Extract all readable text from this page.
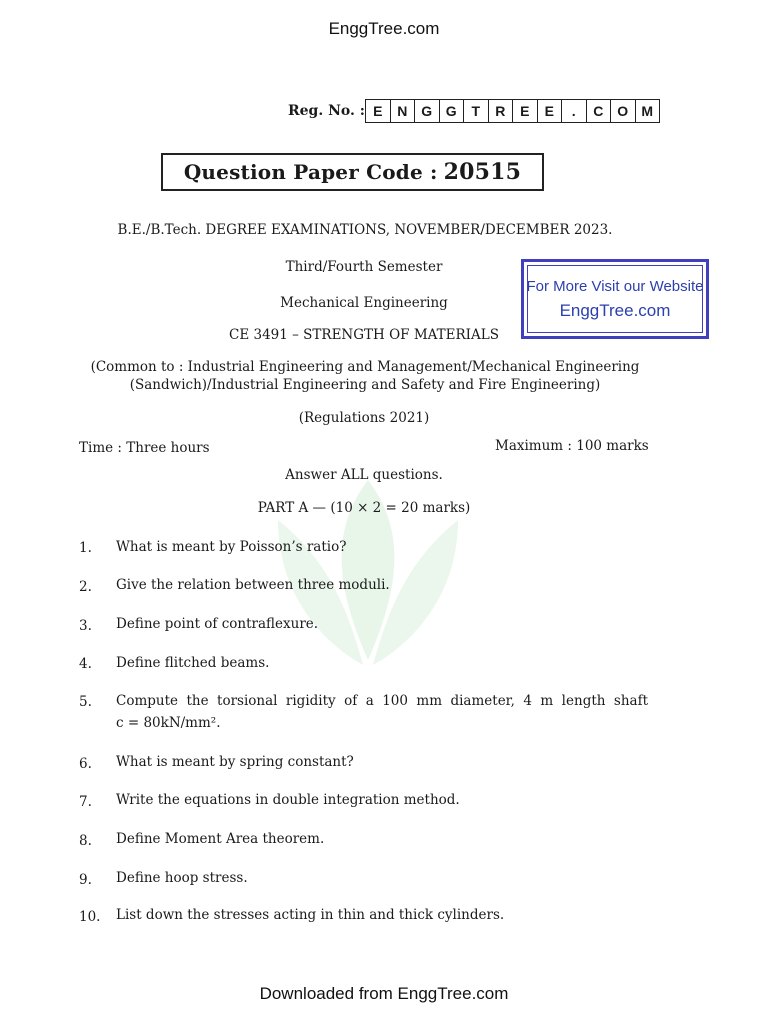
EnggTree.com
Reg. No. : E	N G G	T	R	E	E	.	C O M
Question Paper Code : 20515
B.E./B.Tech. DEGREE EXAMINATIONS, NOVEMBER/DECEMBER 2023.
Third/Fourth Semester
Mechanical Engineering
CE 3491 – STRENGTH OF MATERIALS
For More Visit our Website
EnggTree.com
(Common to : Industrial Engineering and Management/Mechanical Engineering
(Sandwich)/Industrial Engineering and Safety and Fire Engineering)
(Regulations 2021)
Time : Three hours	Maximum : 100 marks
Answer ALL questions.
PART A — (10 × 2 = 20 marks)
1. What is meant by Poisson’s ratio?
2. Give the relation between three moduli.
3. Define point of contraflexure.
4. Define flitched beams.
5. Compute the torsional rigidity of a 100 mm diameter, 4 m length shaft
c = 80kN/mm².
6. What is meant by spring constant?
7. Write the equations in double integration method.
8. Define Moment Area theorem.
9. Define hoop stress.
10. List down the stresses acting in thin and thick cylinders.
Downloaded from EnggTree.com
